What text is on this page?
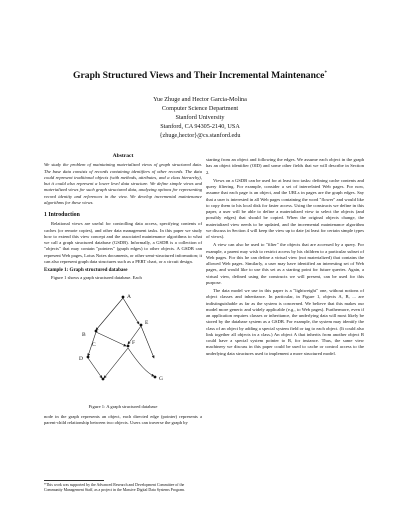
Graph Structured Views and Their Incremental Maintenance*
Yue Zhuge and Hector Garcia-Molina
Computer Science Department
Stanford University
Stanford, CA 94305-2140, USA
{zhuge,hector}@cs.stanford.edu
Abstract
We study the problem of maintaining materialized views of graph structured data. The base data consists of records containing identifiers of other records. The data could represent traditional objects (with methods, attributes, and a class hierarchy), but it could also represent a lower level data structure. We define simple views and materialized views for such graph structured data, analyzing options for representing record identity and references in the view. We develop incremental maintenance algorithms for these views.
1 Introduction
Relational views are useful for controlling data access, specifying contents of caches (or remote copies), and other data management tasks. In this paper we study how to extend this view concept and the associated maintenance algorithms to what we call a graph structured database (GSDB). Informally, a GSDB is a collection of "objects" that may contain "pointers" (graph edges) to other objects. A GSDB can represent Web pages, Lotus Notes documents, or other semi-structured information; it can also represent graph data structures such as a PERT chart, or a circuit design.
Example 1: Graph structured database
Figure 1 shows a graph structured database. Each
A
B
C
D
E
F
G
Figure 1: A graph structured database
node in the graph represents an object, each directed edge (pointer) represents a parent-child relationship between two objects. Users can traverse the graph by
starting from an object and following the edges. We assume each object in the graph has an object identifier (OID) and some other fields that we will describe in Section 2.
Views on a GSDB can be used for at least two tasks: defining cache contents and query filtering. For example, consider a set of interrelated Web pages. For now, assume that each page is an object, and the URLs in pages are the graph edges. Say that a user is interested in all Web pages containing the word "flower" and would like to copy them to his local disk for faster access. Using the constructs we define in this paper, a user will be able to define a materialized view to select the objects (and possibly edges) that should be copied. When the original objects change, the materialized view needs to be updated, and the incremental maintenance algorithm we discuss in Section 4 will keep the view up to date (at least for certain simple types of views).
A view can also be used to "filter" the objects that are accessed by a query. For example, a parent may wish to restrict access by his children to a particular subset of Web pages. For this he can define a virtual view (not materialized) that contains the allowed Web pages. Similarly, a user may have identified an interesting set of Web pages, and would like to use this set as a starting point for future queries. Again, a virtual view, defined using the constructs we will present, can be used for this purpose.
The data model we use in this paper is a "lightweight" one, without notions of object classes and inheritance. In particular, in Figure 1, objects A, B, ... are indistinguishable as far as the system is concerned. We believe that this makes our model more generic and widely applicable (e.g., to Web pages). Furthermore, even if an application requires classes or inheritance, the underlying data will most likely be stored by the database system as a GSDB. For example, the system may identify the class of an object by adding a special system field or tag to each object. (It could also link together all objects in a class.) An object A that inherits from another object B could have a special system pointer to B, for instance. Thus, the same view machinery we discuss in this paper could be used to cache or control access to the underlying data structures used to implement a more structured model.
*This work was supported by the Advanced Research and Development Committee of the Community Management Staff, as a project in the Massive Digital Data Systems Program.
